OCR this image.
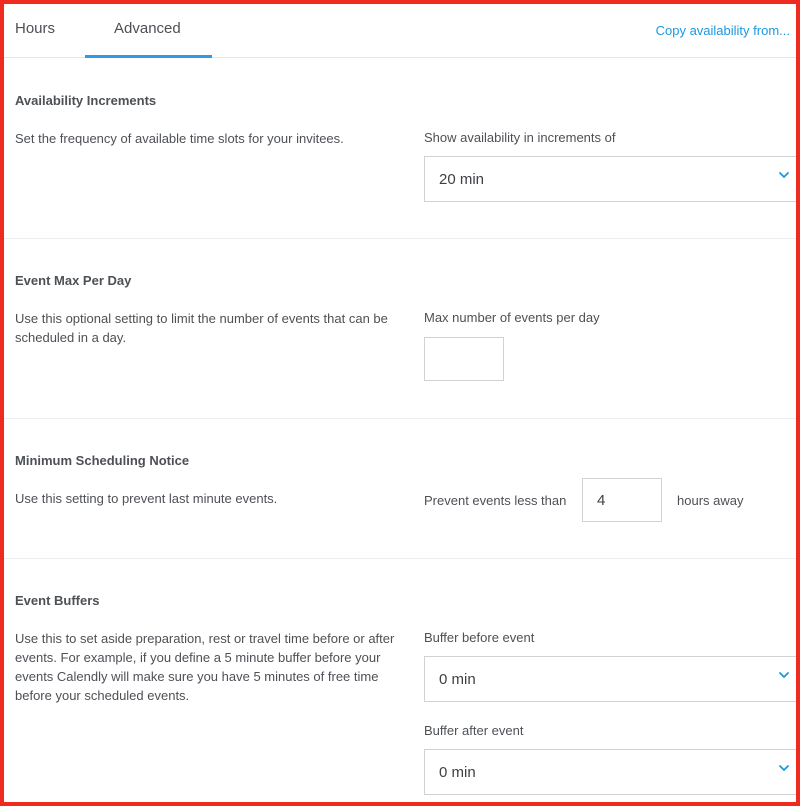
Hours	Advanced	Copy availability from...
Availability Increments
Set the frequency of available time slots for your invitees.	Show availability in increments of
20 min
Event Max Per Day
Use this optional setting to limit the number of events that can be scheduled in a day.
Max number of events per day
Minimum Scheduling Notice
Use this setting to prevent last minute events.	Prevent events less than
4	hours away
Event Buffers
Use this to set aside preparation, rest or travel time before or after events. For example, if you define a 5 minute buffer before your events Calendly will make sure you have 5 minutes of free time before your scheduled events.
Buffer before event
0 min
Buffer after event
0 min
